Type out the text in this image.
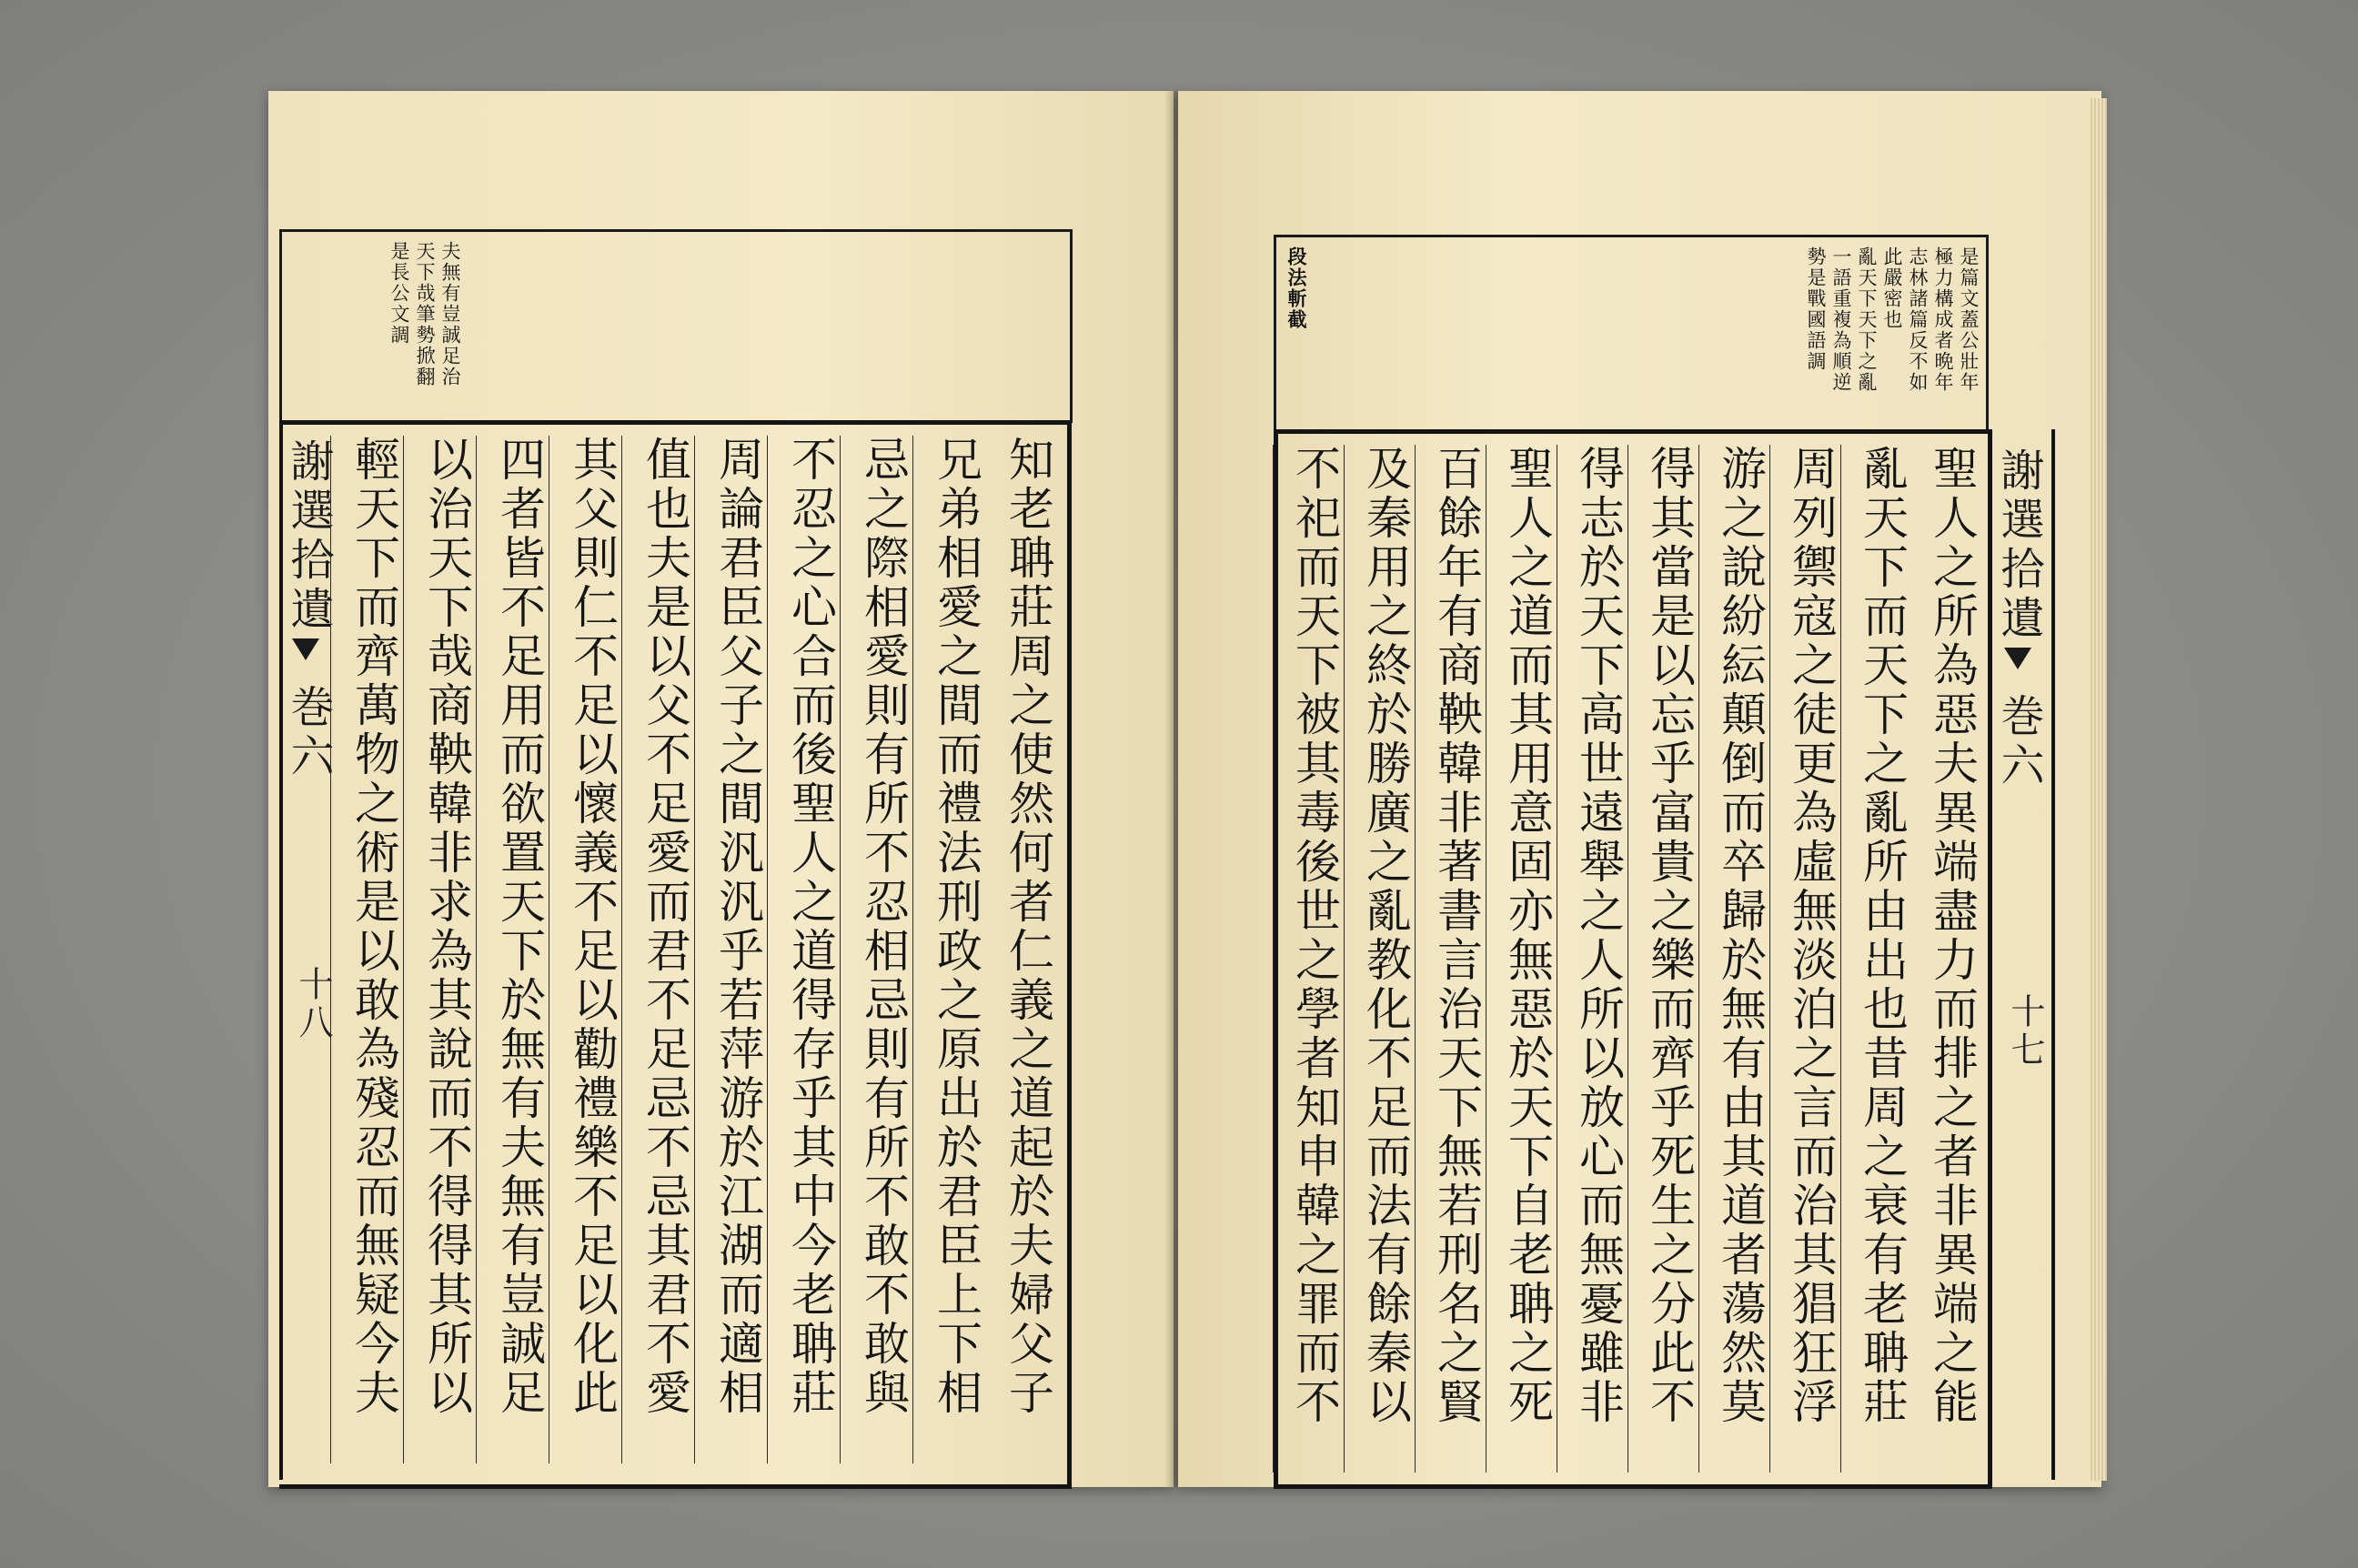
夫無有豈誠足治
天下哉筆勢掀翻
是長公文調
謝選拾遺
巻六
十八	知老聃莊周之使然何者仁義之道起於夫婦父子
兄弟相愛之間而禮法刑政之原出於君臣上下相
忌之際相愛則有所不忍相忌則有所不敢不敢與
不忍之心合而後聖人之道得存乎其中今老聃莊
周論君臣父子之間汎汎乎若萍游於江湖而適相
值也夫是以父不足愛而君不足忌不忌其君不愛
其父則仁不足以懷義不足以勸禮樂不足以化此
四者皆不足用而欲置天下於無有夫無有豈誠足
以治天下哉商鞅韓非求為其說而不得得其所以
輕天下而齊萬物之術是以敢為殘忍而無疑今夫
是篇文蓋公壯年
極力構成者晩年
志林諸篇反不如
此嚴密也
亂天下天下之亂
一語重複為順逆
勢是戰國語調
段法斬截
聖人之所為惡夫異端盡力而排之者非異端之能
亂天下而天下之亂所由出也昔周之衰有老聃莊
周列禦寇之徒更為虛無淡泊之言而治其猖狂浮
游之說紛紜顛倒而卒歸於無有由其道者蕩然莫
得其當是以忘乎富貴之樂而齊乎死生之分此不
得志於天下高世遠舉之人所以放心而無憂雖非
聖人之道而其用意固亦無惡於天下自老聃之死
百餘年有商鞅韓非著書言治天下無若刑名之賢
及秦用之終於勝廣之亂教化不足而法有餘秦以
不祀而天下被其毒後世之學者知申韓之罪而不	謝選拾遺
巻六
十七
